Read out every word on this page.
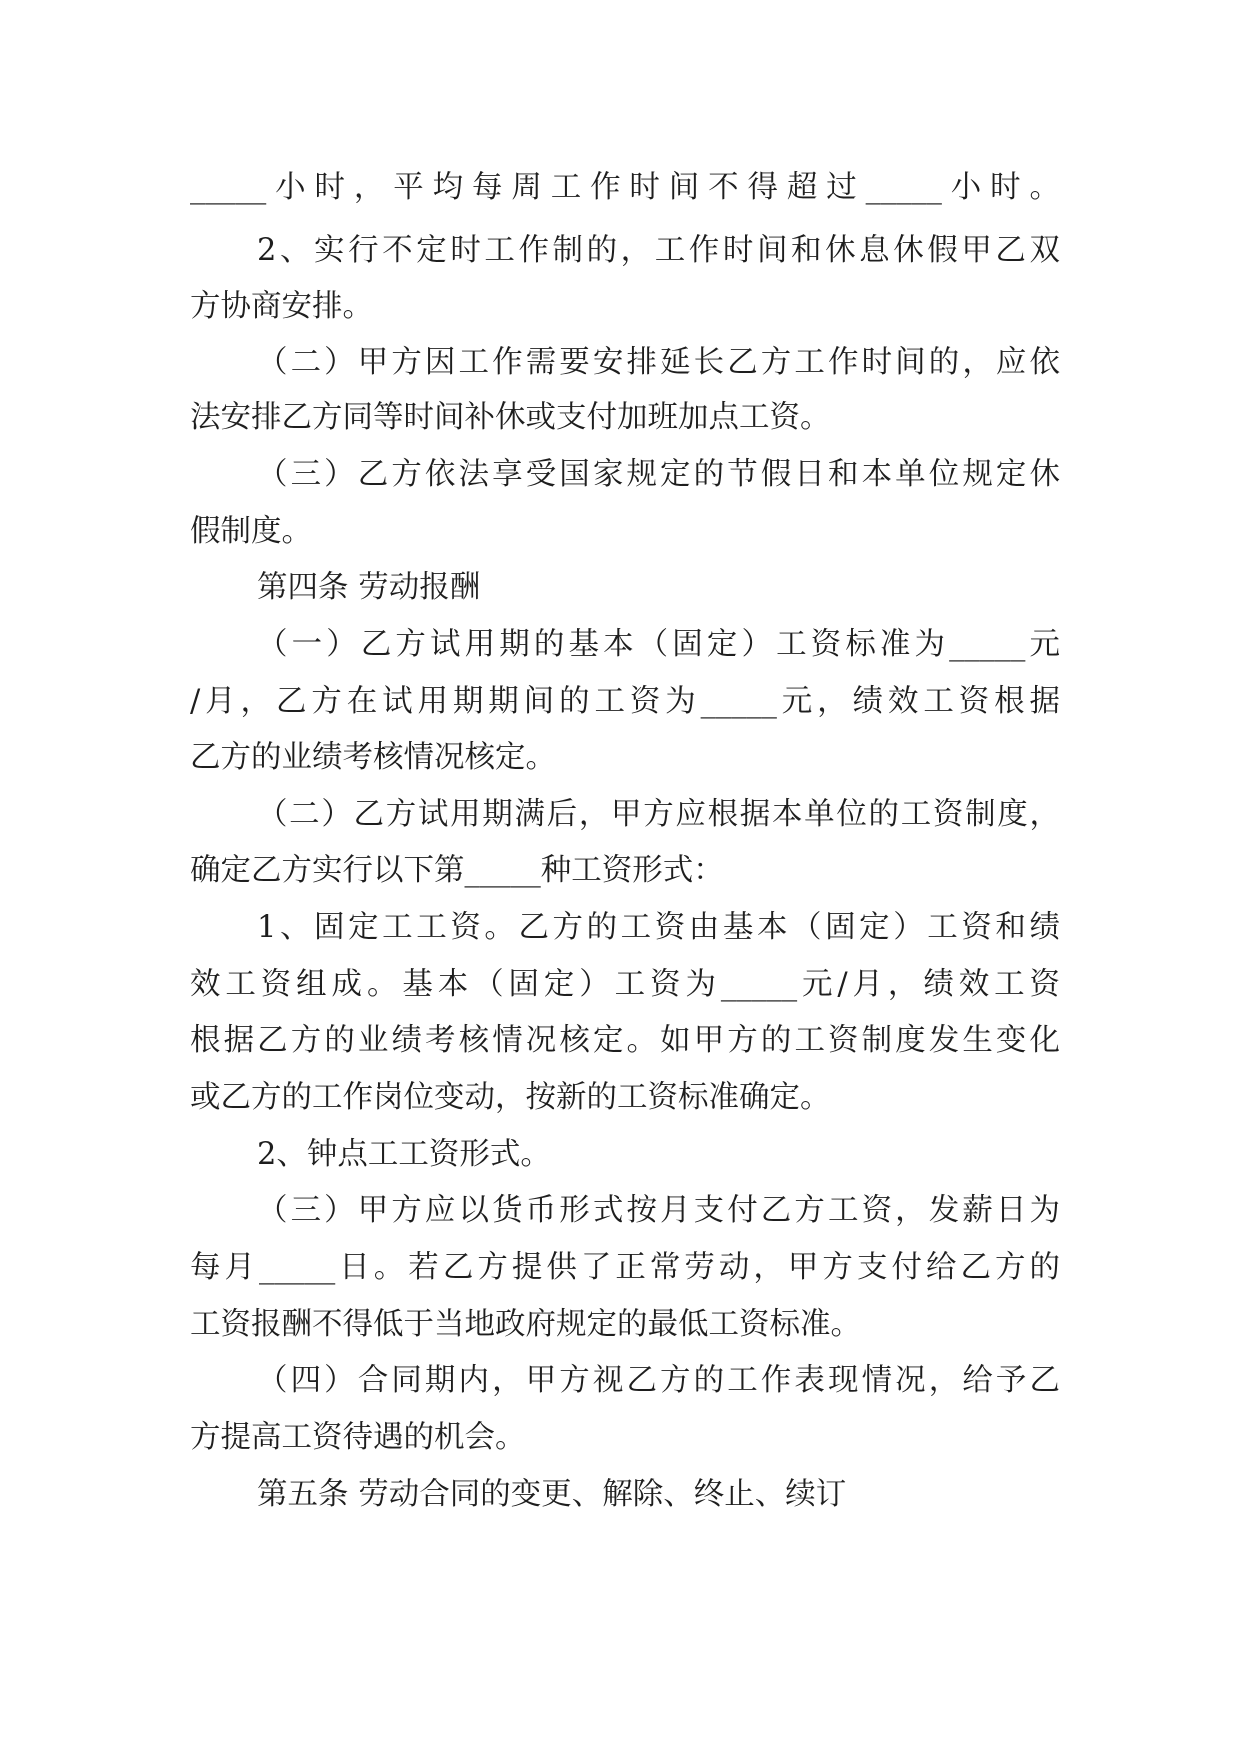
_____小时，平均每周工作时间不得超过_____小时。
2、实行不定时工作制的，工作时间和休息休假甲乙双
方协商安排。
（二）甲方因工作需要安排延长乙方工作时间的，应依
法安排乙方同等时间补休或支付加班加点工资。
（三）乙方依法享受国家规定的节假日和本单位规定休
假制度。
第四条 劳动报酬
（一）乙方试用期的基本（固定）工资标准为_____元
/月，乙方在试用期期间的工资为_____元，绩效工资根据
乙方的业绩考核情况核定。
（二）乙方试用期满后，甲方应根据本单位的工资制度，
确定乙方实行以下第_____种工资形式：
1、固定工工资。乙方的工资由基本（固定）工资和绩
效工资组成。基本（固定）工资为_____元/月，绩效工资
根据乙方的业绩考核情况核定。如甲方的工资制度发生变化
或乙方的工作岗位变动，按新的工资标准确定。
2、钟点工工资形式。
（三）甲方应以货币形式按月支付乙方工资，发薪日为
每月_____日。若乙方提供了正常劳动，甲方支付给乙方的
工资报酬不得低于当地政府规定的最低工资标准。
（四）合同期内，甲方视乙方的工作表现情况，给予乙
方提高工资待遇的机会。
第五条 劳动合同的变更、解除、终止、续订
